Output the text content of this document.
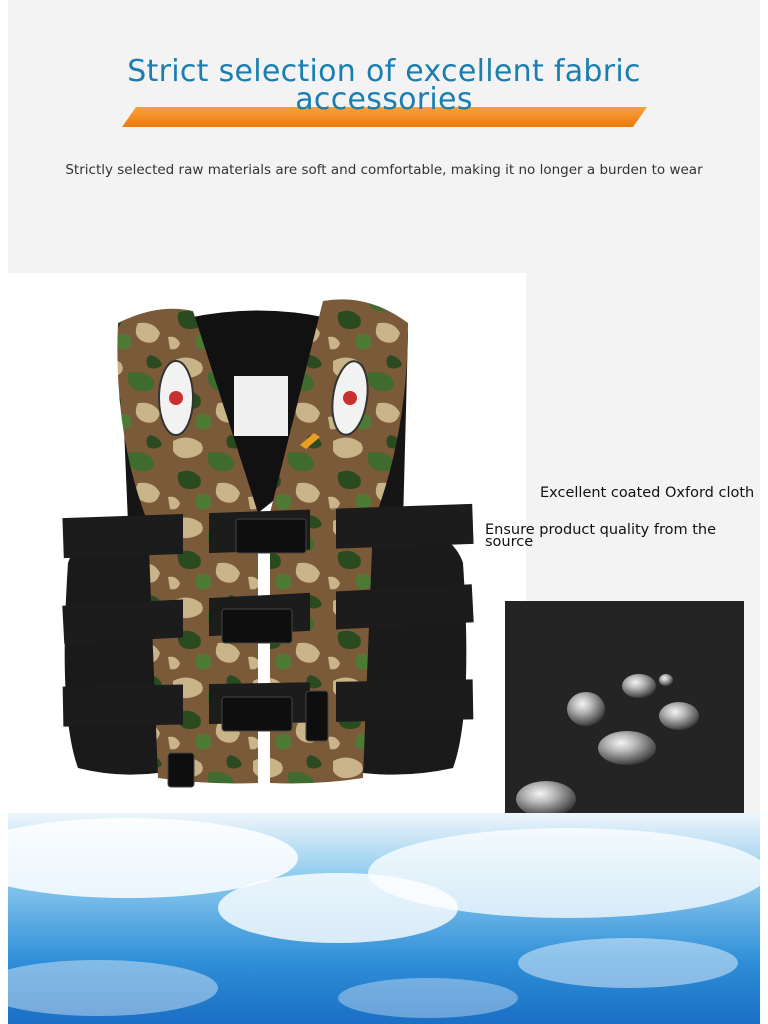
Strict selection of excellent fabric
accessories
Strictly selected raw materials are soft and comfortable, making it no longer a burden to wear
Excellent coated Oxford cloth
Ensure product quality from the source
